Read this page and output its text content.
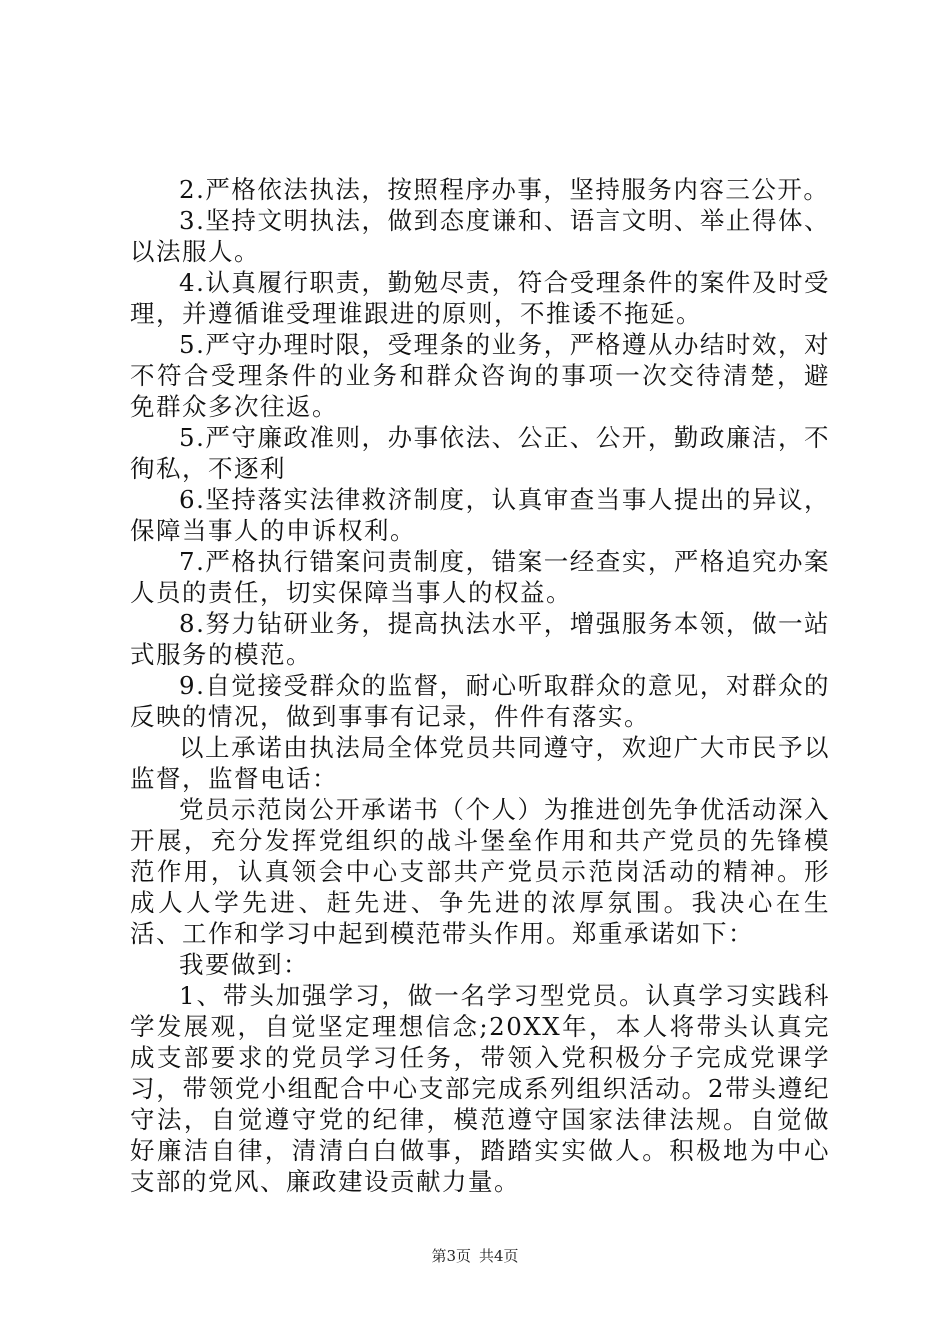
2.严格依法执法，按照程序办事，坚持服务内容三公开。

3.坚持文明执法，做到态度谦和、语言文明、举止得体、以法服人。

4.认真履行职责，勤勉尽责，符合受理条件的案件及时受理，并遵循谁受理谁跟进的原则，不推诿不拖延。

5.严守办理时限，受理条的业务，严格遵从办结时效，对不符合受理条件的业务和群众咨询的事项一次交待清楚，避免群众多次往返。

5.严守廉政准则，办事依法、公正、公开，勤政廉洁，不徇私，不逐利

6.坚持落实法律救济制度，认真审查当事人提出的异议，保障当事人的申诉权利。

7.严格执行错案问责制度，错案一经查实，严格追究办案人员的责任，切实保障当事人的权益。

8.努力钻研业务，提高执法水平，增强服务本领，做一站式服务的模范。

9.自觉接受群众的监督，耐心听取群众的意见，对群众的反映的情况，做到事事有记录，件件有落实。

以上承诺由执法局全体党员共同遵守，欢迎广大市民予以监督，监督电话：

党员示范岗公开承诺书（个人）为推进创先争优活动深入开展，充分发挥党组织的战斗堡垒作用和共产党员的先锋模范作用，认真领会中心支部共产党员示范岗活动的精神。形成人人学先进、赶先进、争先进的浓厚氛围。我决心在生活、工作和学习中起到模范带头作用。郑重承诺如下：

我要做到：

1、带头加强学习，做一名学习型党员。认真学习实践科学发展观，自觉坚定理想信念;20XX年，本人将带头认真完成支部要求的党员学习任务，带领入党积极分子完成党课学习，带领党小组配合中心支部完成系列组织活动。2带头遵纪守法，自觉遵守党的纪律，模范遵守国家法律法规。自觉做好廉洁自律，清清白白做事，踏踏实实做人。积极地为中心支部的党风、廉政建设贡献力量。

第3页 共4页
